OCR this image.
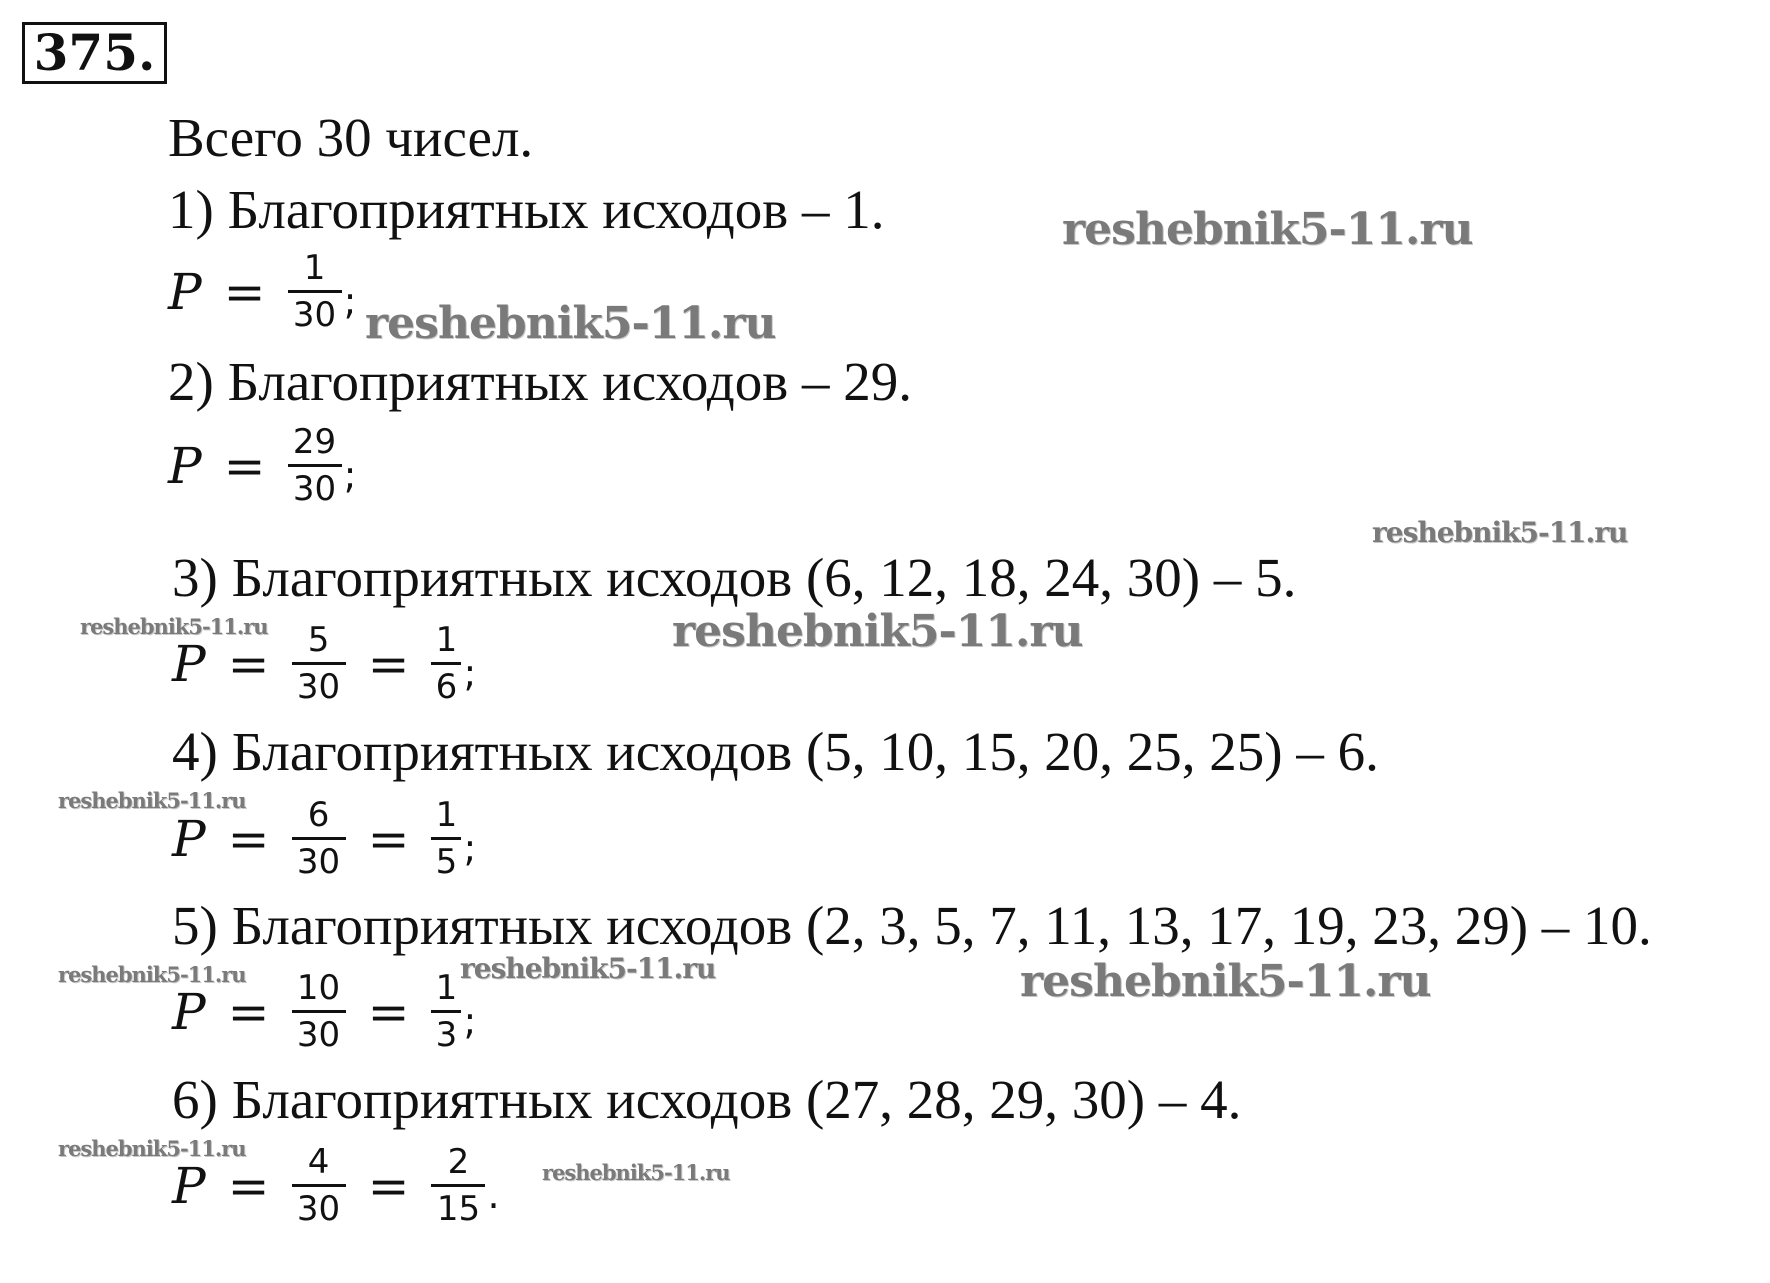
375.
Всего 30 чисел.
1) Благоприятных исходов – 1.
$P = \frac{1}{30}$ ;
2) Благоприятных исходов – 29.
$P = \frac{29}{30}$ ;
3) Благоприятных исходов (6, 12, 18, 24, 30) – 5.
$P = \frac{5}{30} = \frac{1}{6}$ ;
4) Благоприятных исходов (5, 10, 15, 20, 25, 25) – 6.
$P = \frac{6}{30} = \frac{1}{5}$ ;
5) Благоприятных исходов (2, 3, 5, 7, 11, 13, 17, 19, 23, 29) – 10.
$P = \frac{10}{30} = \frac{1}{3}$ ;
6) Благоприятных исходов (27, 28, 29, 30) – 4.
$P = \frac{4}{30} = \frac{2}{15}$ .
reshebnik5-11.ru
reshebnik5-11.ru
reshebnik5-11.ru
reshebnik5-11.ru
reshebnik5-11.ru
reshebnik5-11.ru
reshebnik5-11.ru	reshebnik5-11.ru	reshebnik5-11.ru
reshebnik5-11.ru
reshebnik5-11.ru
